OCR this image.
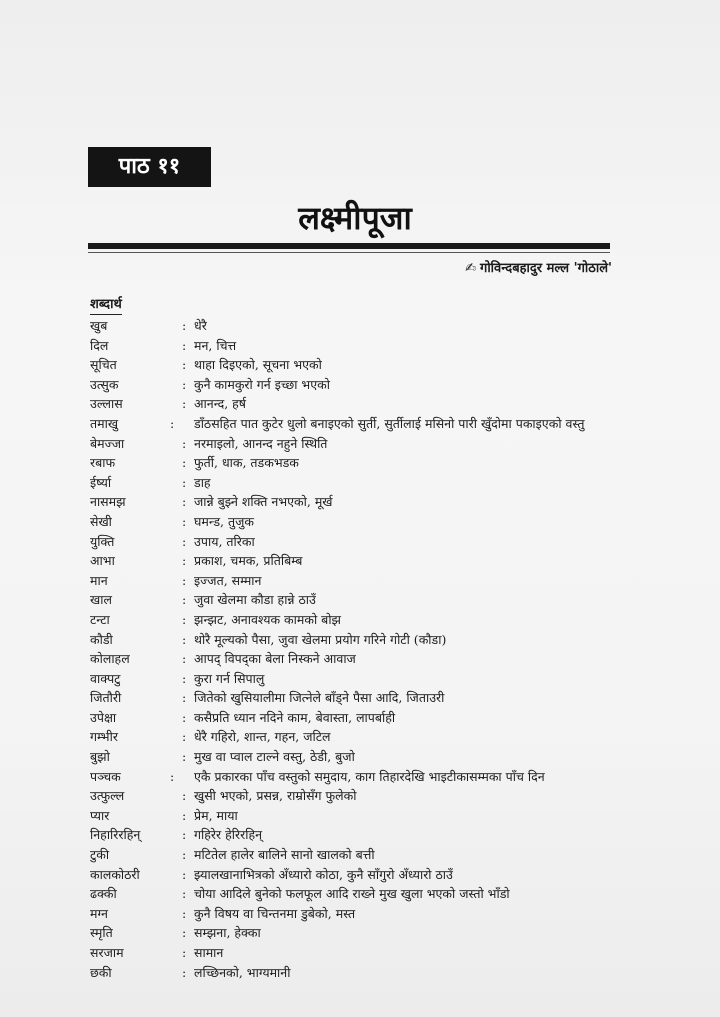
पाठ ११
लक्ष्मीपूजा
✍ गोविन्दबहादुर मल्ल 'गोठाले'
शब्दार्थ
खुब	: धेरै
दिल	: मन, चित्त
सूचित	: थाहा दिइएको, सूचना भएको
उत्सुक	: कुनै कामकुरो गर्न इच्छा भएको
उल्लास	: आनन्द, हर्ष
तमाखु	: डाँठसहित पात कुटेर धुलो बनाइएको सुर्ती, सुर्तीलाई मसिनो पारी खुँदोमा पकाइएको वस्तु
बेमज्जा	: नरमाइलो, आनन्द नहुने स्थिति
रबाफ	: फुर्ती, धाक, तडकभडक
ईर्ष्या	: डाह
नासमझ	: जान्ने बुझ्ने शक्ति नभएको, मूर्ख
सेखी	: घमन्ड, तुजुक
युक्ति	: उपाय, तरिका
आभा	: प्रकाश, चमक, प्रतिबिम्ब
मान	: इज्जत, सम्मान
खाल	: जुवा खेलमा कौडा हान्ने ठाउँ
टन्टा	: झन्झट, अनावश्यक कामको बोझ
कौडी	: थोरै मूल्यको पैसा, जुवा खेलमा प्रयोग गरिने गोटी (कौडा)
कोलाहल	: आपद् विपद्का बेला निस्कने आवाज
वाक्पटु	: कुरा गर्न सिपालु
जितौरी	: जितेको खुसियालीमा जित्नेले बाँड्ने पैसा आदि, जिताउरी
उपेक्षा	: कसैप्रति ध्यान नदिने काम, बेवास्ता, लापर्बाही
गम्भीर	: धेरै गहिरो, शान्त, गहन, जटिल
बुझो	: मुख वा प्वाल टाल्ने वस्तु, ठेडी, बुजो
पञ्चक	: एकै प्रकारका पाँच वस्तुको समुदाय, काग तिहारदेखि भाइटीकासम्मका पाँच दिन
उत्फुल्ल	: खुसी भएको, प्रसन्न, राम्रोसँग फुलेको
प्यार	: प्रेम, माया
निहारिरहिन्	: गहिरेर हेरिरहिन्
टुकी	: मटितेल हालेर बालिने सानो खालको बत्ती
कालकोठरी	: झ्यालखानाभित्रको अँध्यारो कोठा, कुनै साँगुरो अँध्यारो ठाउँ
ढक्की	: चोया आदिले बुनेको फलफूल आदि राख्ने मुख खुला भएको जस्तो भाँडो
मग्न	: कुनै विषय वा चिन्तनमा डुबेको, मस्त
स्मृति	: सम्झना, हेक्का
सरजाम	: सामान
छकी	: लच्छिनको, भाग्यमानी
